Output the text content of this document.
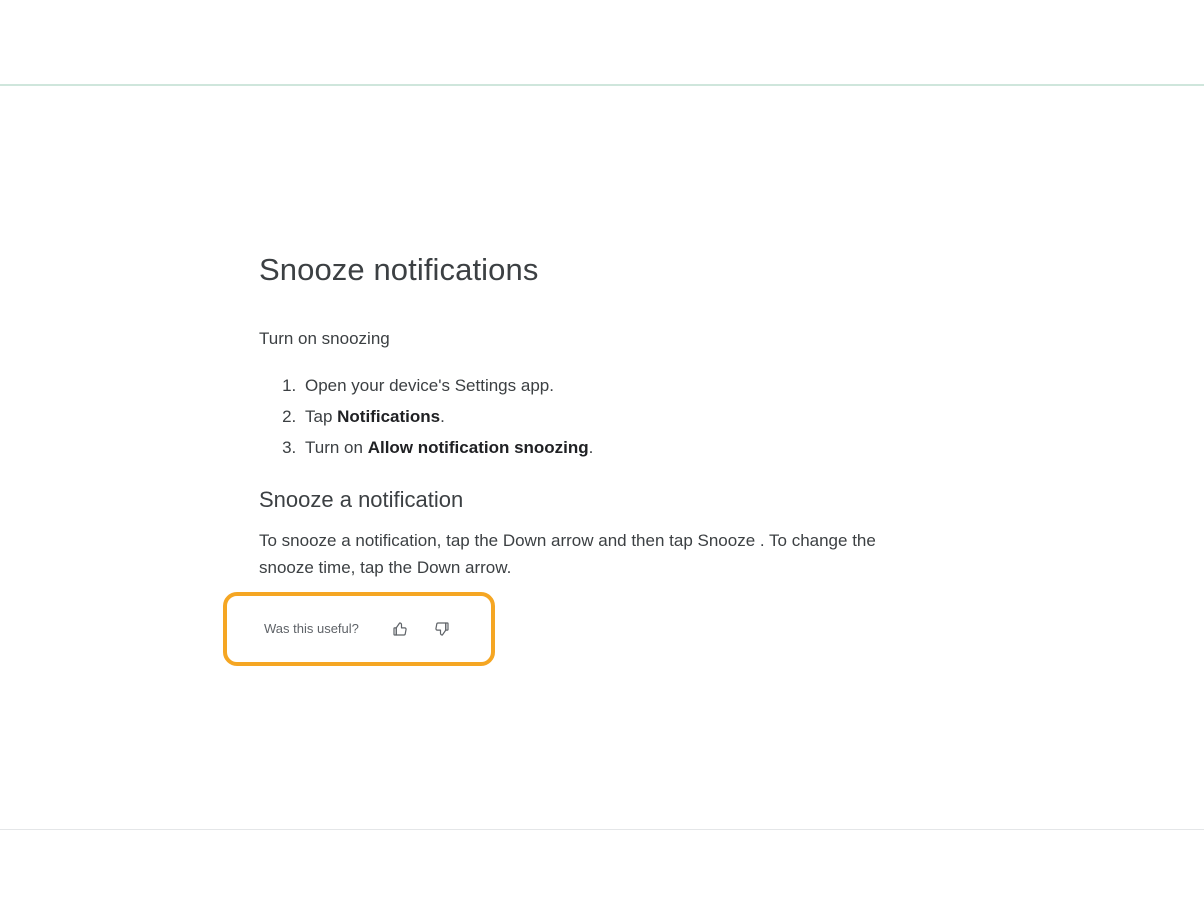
Snooze notifications

Turn on snoozing

1. Open your device's Settings app.
2. Tap Notifications.
3. Turn on Allow notification snoozing.
Snooze a notification

To snooze a notification, tap the Down arrow and then tap Snooze . To change the snooze time, tap the Down arrow.

Was this useful?
